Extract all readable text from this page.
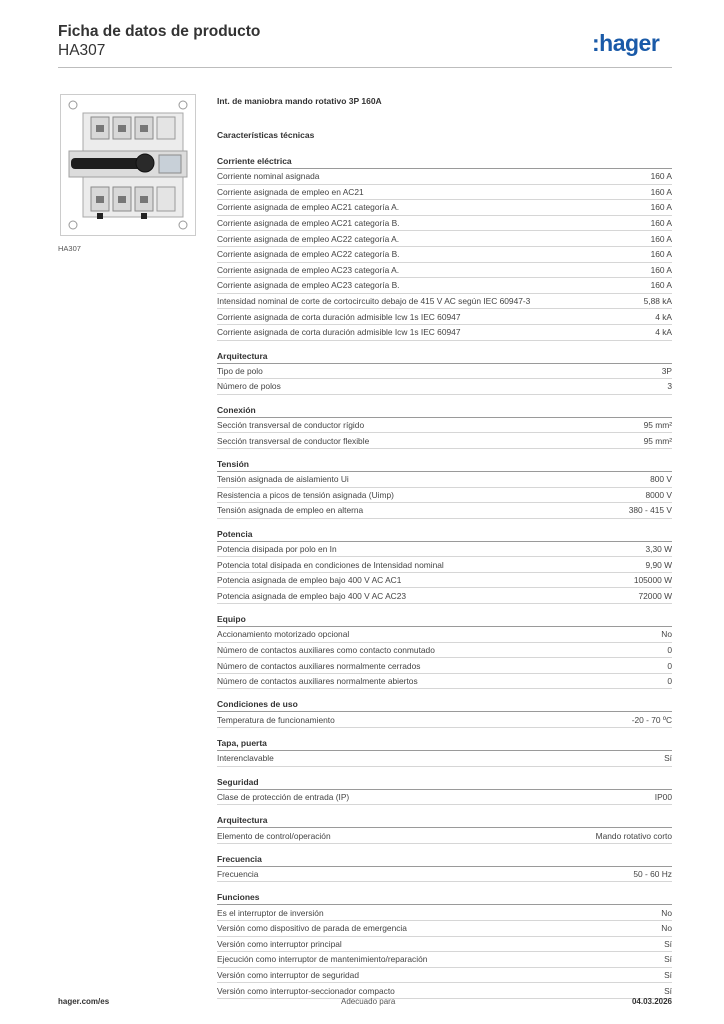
Ficha de datos de producto
HA307	:hager
HA307
Int. de maniobra mando rotativo 3P 160A
Características técnicas
Corriente eléctrica
Corriente nominal asignada	160 A
Corriente asignada de empleo en AC21	160 A
Corriente asignada de empleo AC21 categoría A.	160 A
Corriente asignada de empleo AC21 categoría B.	160 A
Corriente asignada de empleo AC22 categoría A.	160 A
Corriente asignada de empleo AC22 categoría B.	160 A
Corriente asignada de empleo AC23 categoría A.	160 A
Corriente asignada de empleo AC23 categoría B.	160 A
Intensidad nominal de corte de cortocircuito debajo de 415 V AC según IEC 60947-3	5,88 kA
Corriente asignada de corta duración admisible Icw 1s IEC 60947	4 kA
Corriente asignada de corta duración admisible Icw 1s IEC 60947	4 kA
Arquitectura
Tipo de polo	3P
Número de polos	3
Conexión
Sección transversal de conductor rígido	95 mm²
Sección transversal de conductor flexible	95 mm²
Tensión
Tensión asignada de aislamiento Ui	800 V
Resistencia a picos de tensión asignada (Uimp)	8000 V
Tensión asignada de empleo en alterna	380 - 415 V
Potencia
Potencia disipada por polo en In	3,30 W
Potencia total disipada en condiciones de Intensidad nominal	9,90 W
Potencia asignada de empleo bajo 400 V AC AC1	105000 W
Potencia asignada de empleo bajo 400 V AC AC23	72000 W
Equipo
Accionamiento motorizado opcional	No
Número de contactos auxiliares como contacto conmutado	0
Número de contactos auxiliares normalmente cerrados	0
Número de contactos auxiliares normalmente abiertos	0
Condiciones de uso
Temperatura de funcionamiento	-20 - 70 ºC
Tapa, puerta
Interenclavable	Sí
Seguridad
Clase de protección de entrada (IP)	IP00
Arquitectura
Elemento de control/operación	Mando rotativo corto
Frecuencia
Frecuencia	50 - 60 Hz
Funciones
Es el interruptor de inversión	No
Versión como dispositivo de parada de emergencia	No
Versión como interruptor principal	Sí
Ejecución como interruptor de mantenimiento/reparación	Sí
Versión como interruptor de seguridad	Sí
Versión como interruptor-seccionador compacto	Sí
hager.com/es	Adecuado para	04.03.2026
